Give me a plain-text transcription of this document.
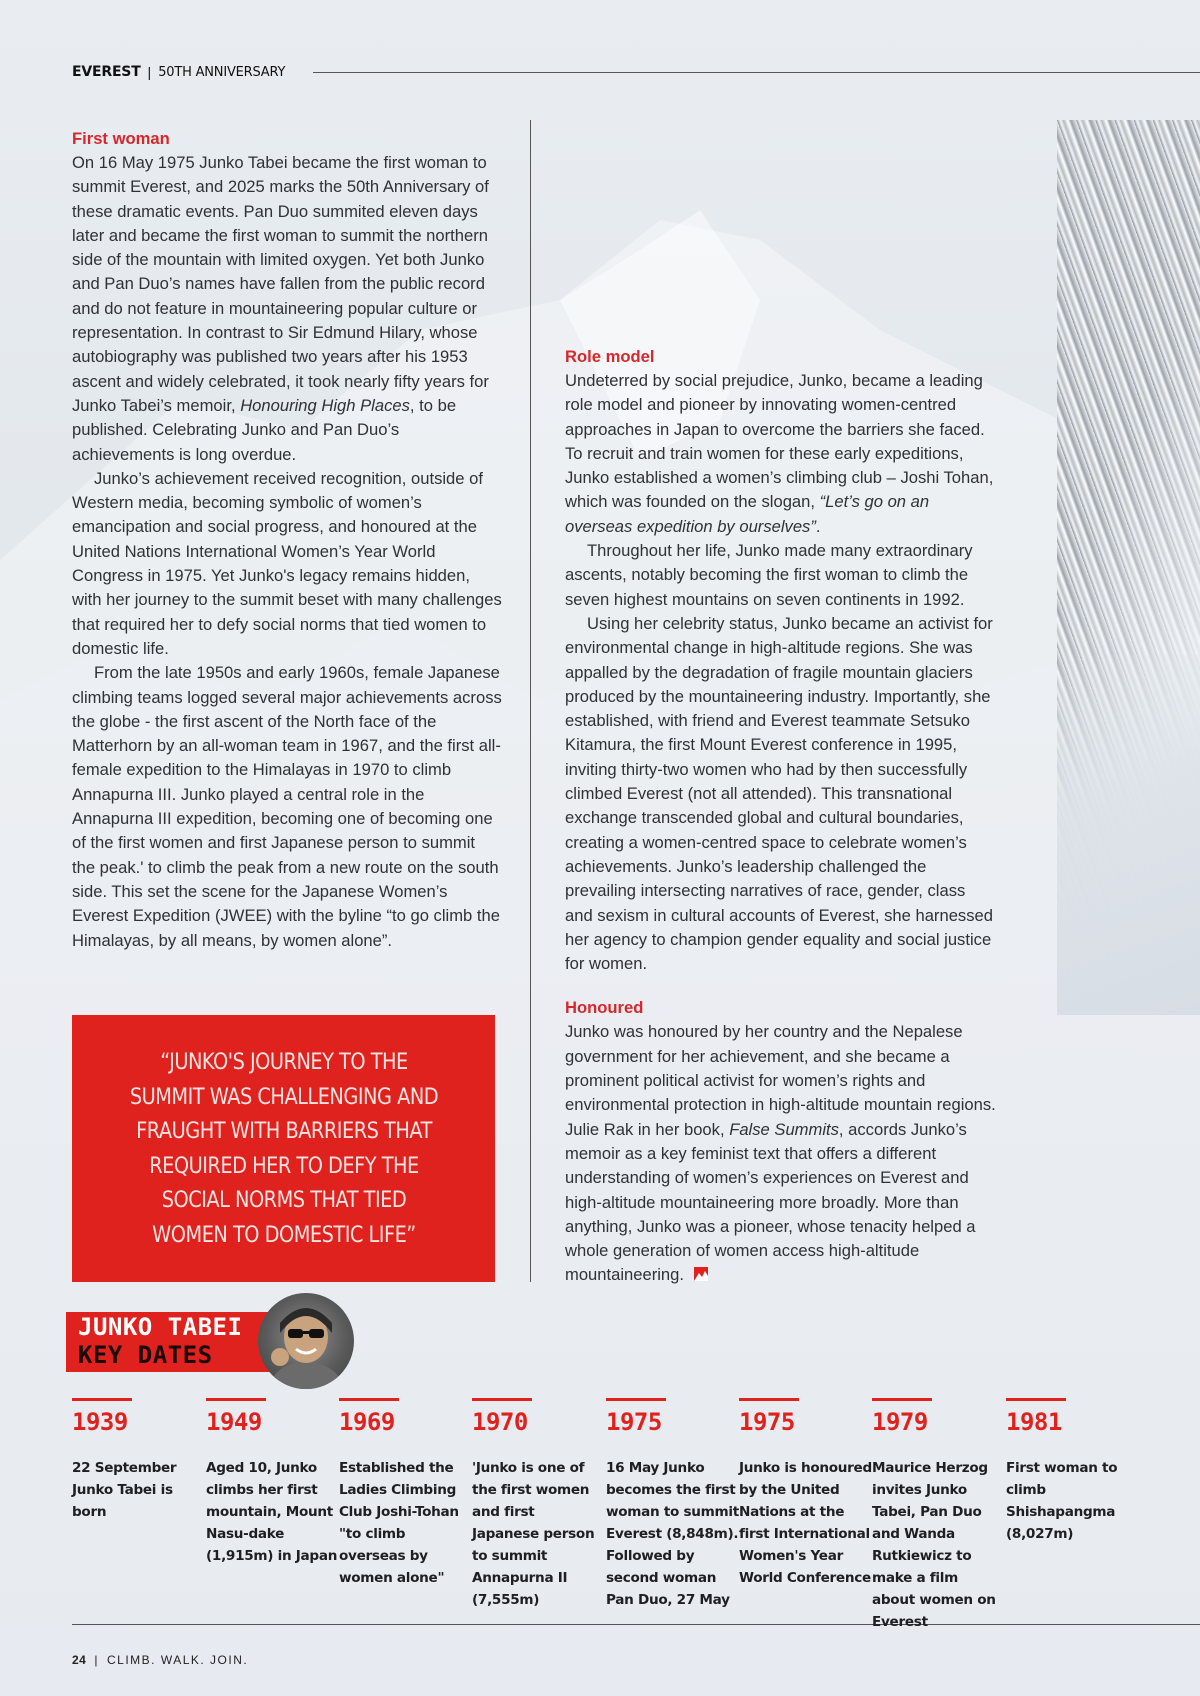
EVEREST | 50TH ANNIVERSARY
First woman

On 16 May 1975 Junko Tabei became the first woman to summit Everest, and 2025 marks the 50th Anniversary of these dramatic events. Pan Duo summited eleven days later and became the first woman to summit the northern side of the mountain with limited oxygen. Yet both Junko and Pan Duo’s names have fallen from the public record and do not feature in mountaineering popular culture or representation. In contrast to Sir Edmund Hilary, whose autobiography was published two years after his 1953 ascent and widely celebrated, it took nearly fifty years for Junko Tabei’s memoir, Honouring High Places, to be published. Celebrating Junko and Pan Duo’s achievements is long overdue.

Junko’s achievement received recognition, outside of Western media, becoming symbolic of women’s emancipation and social progress, and honoured at the United Nations International Women’s Year World Congress in 1975. Yet Junko's legacy remains hidden, with her journey to the summit beset with many challenges that required her to defy social norms that tied women to domestic life.

From the late 1950s and early 1960s, female Japanese climbing teams logged several major achievements across the globe - the first ascent of the North face of the Matterhorn by an all-woman team in 1967, and the first all-female expedition to the Himalayas in 1970 to climb Annapurna III. Junko played a central role in the Annapurna III expedition, becoming one of becoming one of the first women and first Japanese person to summit the peak.' to climb the peak from a new route on the south side. This set the scene for the Japanese Women’s Everest Expedition (JWEE) with the byline “to go climb the Himalayas, by all means, by women alone”.

“JUNKO'S JOURNEY TO THE SUMMIT WAS CHALLENGING AND FRAUGHT WITH BARRIERS THAT REQUIRED HER TO DEFY THE SOCIAL NORMS THAT TIED WOMEN TO DOMESTIC LIFE”

Role model

Undeterred by social prejudice, Junko, became a leading role model and pioneer by innovating women-centred approaches in Japan to overcome the barriers she faced. To recruit and train women for these early expeditions, Junko established a women’s climbing club – Joshi Tohan, which was founded on the slogan, “Let’s go on an overseas expedition by ourselves”.

Throughout her life, Junko made many extraordinary ascents, notably becoming the first woman to climb the seven highest mountains on seven continents in 1992.

Using her celebrity status, Junko became an activist for environmental change in high-altitude regions. She was appalled by the degradation of fragile mountain glaciers produced by the mountaineering industry. Importantly, she established, with friend and Everest teammate Setsuko Kitamura, the first Mount Everest conference in 1995, inviting thirty-two women who had by then successfully climbed Everest (not all attended). This transnational exchange transcended global and cultural boundaries, creating a women-centred space to celebrate women’s achievements. Junko’s leadership challenged the prevailing intersecting narratives of race, gender, class and sexism in cultural accounts of Everest, she harnessed her agency to champion gender equality and social justice for women.

Honoured

Junko was honoured by her country and the Nepalese government for her achievement, and she became a prominent political activist for women’s rights and environmental protection in high-altitude mountain regions. Julie Rak in her book, False Summits, accords Junko’s memoir as a key feminist text that offers a different understanding of women’s experiences on Everest and high-altitude mountaineering more broadly. More than anything, Junko was a pioneer, whose tenacity helped a whole generation of women access high-altitude mountaineering.

JUNKO TABEI
KEY DATES
1939
22 September Junko Tabei is born
1949
Aged 10, Junko climbs her first mountain, Mount Nasu-dake (1,915m) in Japan
1969
Established the Ladies Climbing Club Joshi-Tohan "to climb overseas by women alone"
1970
'Junko is one of the first women and first Japanese person to summit Annapurna II (7,555m)
1975
16 May Junko becomes the first woman to summit Everest (8,848m). Followed by second woman Pan Duo, 27 May
1975
Junko is honoured by the United Nations at the first International Women's Year World Conference
1979
Maurice Herzog invites Junko Tabei, Pan Duo and Wanda Rutkiewicz to make a film about women on Everest
1981
First woman to climb Shishapangma (8,027m)
24 | CLIMB. WALK. JOIN.
